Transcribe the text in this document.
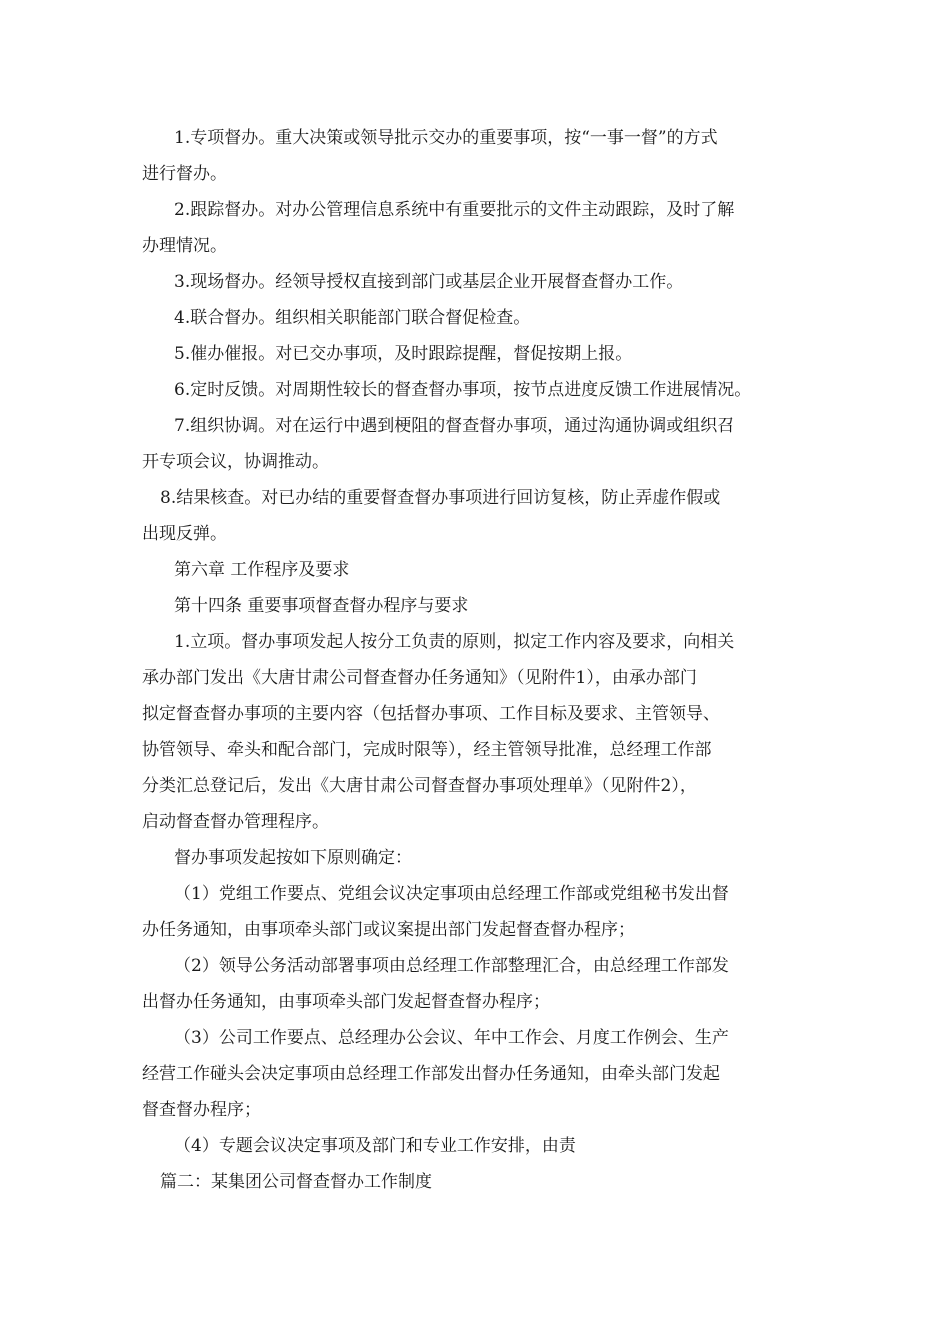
1.专项督办。重大决策或领导批示交办的重要事项，按“一事一督”的方式
进行督办。
2.跟踪督办。对办公管理信息系统中有重要批示的文件主动跟踪，及时了解
办理情况。
3.现场督办。经领导授权直接到部门或基层企业开展督查督办工作。
4.联合督办。组织相关职能部门联合督促检查。
5.催办催报。对已交办事项，及时跟踪提醒，督促按期上报。
6.定时反馈。对周期性较长的督查督办事项，按节点进度反馈工作进展情况。
7.组织协调。对在运行中遇到梗阻的督查督办事项，通过沟通协调或组织召
开专项会议，协调推动。
8.结果核查。对已办结的重要督查督办事项进行回访复核，防止弄虚作假或
出现反弹。
第六章 工作程序及要求
第十四条 重要事项督查督办程序与要求
1.立项。督办事项发起人按分工负责的原则，拟定工作内容及要求，向相关
承办部门发出《大唐甘肃公司督查督办任务通知》（见附件1），由承办部门
拟定督查督办事项的主要内容（包括督办事项、工作目标及要求、主管领导、
协管领导、牵头和配合部门，完成时限等），经主管领导批准，总经理工作部
分类汇总登记后，发出《大唐甘肃公司督查督办事项处理单》（见附件2），
启动督查督办管理程序。
督办事项发起按如下原则确定：
（1）党组工作要点、党组会议决定事项由总经理工作部或党组秘书发出督
办任务通知，由事项牵头部门或议案提出部门发起督查督办程序；
（2）领导公务活动部署事项由总经理工作部整理汇合，由总经理工作部发
出督办任务通知，由事项牵头部门发起督查督办程序；
（3）公司工作要点、总经理办公会议、年中工作会、月度工作例会、生产
经营工作碰头会决定事项由总经理工作部发出督办任务通知，由牵头部门发起
督查督办程序；
（4）专题会议决定事项及部门和专业工作安排，由责
篇二：某集团公司督查督办工作制度
